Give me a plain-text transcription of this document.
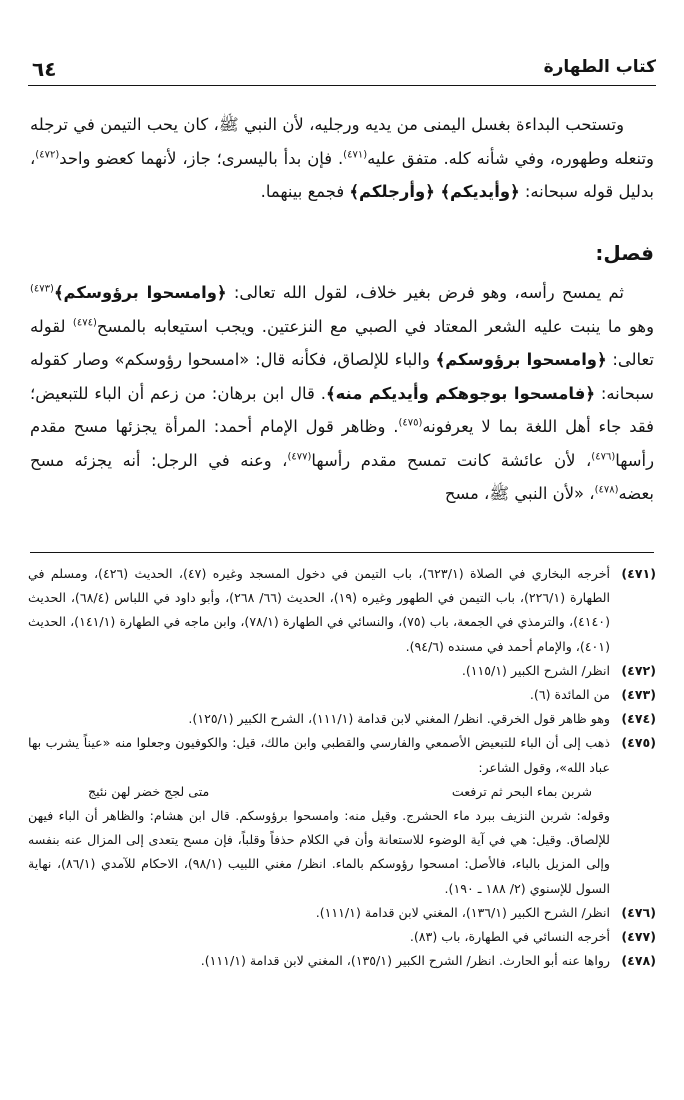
٦٤	كتاب الطهارة

وتستحب البداءة بغسل اليمنى من يديه ورجليه، لأن النبي ﷺ، كان يحب التيمن في ترجله وتنعله وطهوره، وفي شأنه كله. متفق عليه$^{(٤٧١)}$. فإن بدأ باليسرى؛ جاز، لأنهما كعضو واحد$^{(٤٧٢)}$، بدليل قوله سبحانه: ﴿وأيديكم﴾ ﴿وأرجلكم﴾ فجمع بينهما.

فصل:

ثم يمسح رأسه، وهو فرض بغير خلاف، لقول الله تعالى: ﴿وامسحوا برؤوسكم﴾$^{(٤٧٣)}$ وهو ما ينبت عليه الشعر المعتاد في الصبي مع النزعتين. ويجب استيعابه بالمسح$^{(٤٧٤)}$ لقوله تعالى: ﴿وامسحوا برؤوسكم﴾ والباء للإلصاق، فكأنه قال: «امسحوا رؤوسكم» وصار كقوله سبحانه: ﴿فامسحوا بوجوهكم وأيديكم منه﴾. قال ابن برهان: من زعم أن الباء للتبعيض؛ فقد جاء أهل اللغة بما لا يعرفونه$^{(٤٧٥)}$. وظاهر قول الإمام أحمد: المرأة يجزئها مسح مقدم رأسها$^{(٤٧٦)}$، لأن عائشة كانت تمسح مقدم رأسها$^{(٤٧٧)}$، وعنه في الرجل: أنه يجزئه مسح بعضه$^{(٤٧٨)}$، «لأن النبي ﷺ، مسح

(٤٧١)
أخرجه البخاري في الصلاة (٦٢٣/١)، باب التيمن في دخول المسجد وغيره (٤٧)، الحديث (٤٢٦)، ومسلم في الطهارة (٢٢٦/١)، باب التيمن في الطهور وغيره (١٩)، الحديث (٦٦/ ٢٦٨)، وأبو داود في اللباس (٦٨/٤)، الحديث (٤١٤٠)، والترمذي في الجمعة، باب (٧٥)، والنسائي في الطهارة (٧٨/١)، وابن ماجه في الطهارة (١٤١/١)، الحديث (٤٠١)، والإمام أحمد في مسنده (٩٤/٦).
(٤٧٢)
انظر/ الشرح الكبير (١١٥/١).
(٤٧٣)
من المائدة (٦).
(٤٧٤)
وهو ظاهر قول الخرقي. انظر/ المغني لابن قدامة (١١١/١)، الشرح الكبير (١٢٥/١).
(٤٧٥)
ذهب إلى أن الباء للتبعيض الأصمعي والفارسي والقطبي وابن مالك، قيل: والكوفيون وجعلوا منه «عيناً يشرب بها عباد الله»، وقول الشاعر:
شربن بماء البحر ثم ترفعت
متى لجج خضر لهن نئيج
وقوله: شربن النزيف ببرد ماء الحشرج. وقيل منه: وامسحوا برؤوسكم. قال ابن هشام: والظاهر أن الباء فيهن للإلصاق. وقيل: هي في آية الوضوء للاستعانة وأن في الكلام حذفاً وقلباً، فإن مسح يتعدى إلى المزال عنه بنفسه وإلى المزيل بالباء، فالأصل: امسحوا رؤوسكم بالماء. انظر/ مغني اللبيب (٩٨/١)، الاحكام للآمدي (٨٦/١)، نهاية السول للإسنوي (٢/ ١٨٨ ـ ١٩٠).
(٤٧٦)
انظر/ الشرح الكبير (١٣٦/١)، المغني لابن قدامة (١١١/١).
(٤٧٧)
أخرجه النسائي في الطهارة، باب (٨٣).
(٤٧٨)
رواها عنه أبو الحارث. انظر/ الشرح الكبير (١٣٥/١)، المغني لابن قدامة (١١١/١).
